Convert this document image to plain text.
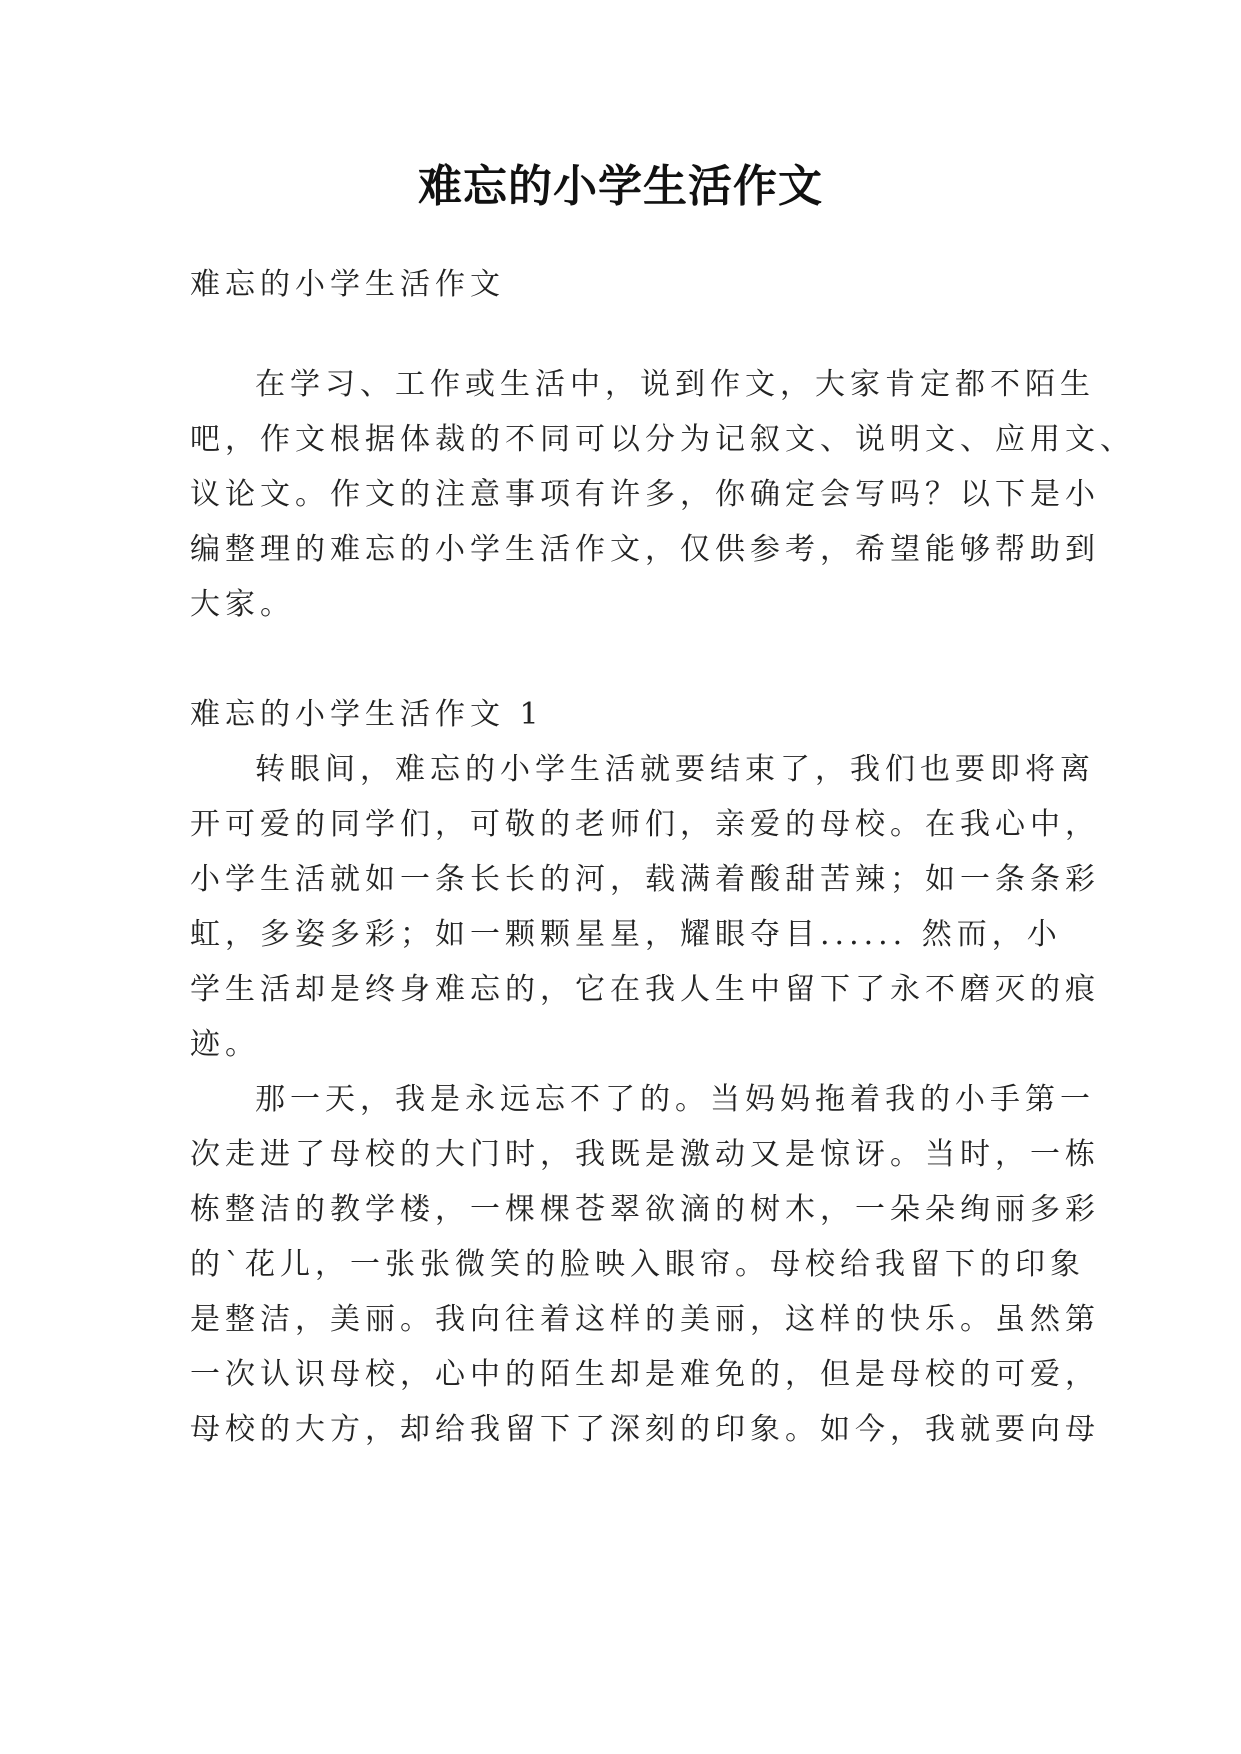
难忘的小学生活作文

难忘的小学生活作文

在学习、工作或生活中，说到作文，大家肯定都不陌生

吧，作文根据体裁的不同可以分为记叙文、说明文、应用文、

议论文。作文的注意事项有许多，你确定会写吗？以下是小

编整理的难忘的小学生活作文，仅供参考，希望能够帮助到

大家。

难忘的小学生活作文 1

转眼间，难忘的小学生活就要结束了，我们也要即将离

开可爱的同学们，可敬的老师们，亲爱的母校。在我心中，

小学生活就如一条长长的河，载满着酸甜苦辣；如一条条彩

虹，多姿多彩；如一颗颗星星，耀眼夺目...... 然而，小

学生活却是终身难忘的，它在我人生中留下了永不磨灭的痕

迹。

那一天，我是永远忘不了的。当妈妈拖着我的小手第一

次走进了母校的大门时，我既是激动又是惊讶。当时，一栋

栋整洁的教学楼，一棵棵苍翠欲滴的树木，一朵朵绚丽多彩

的`花儿，一张张微笑的脸映入眼帘。母校给我留下的印象

是整洁，美丽。我向往着这样的美丽，这样的快乐。虽然第

一次认识母校，心中的陌生却是难免的，但是母校的可爱，

母校的大方，却给我留下了深刻的印象。如今，我就要向母
